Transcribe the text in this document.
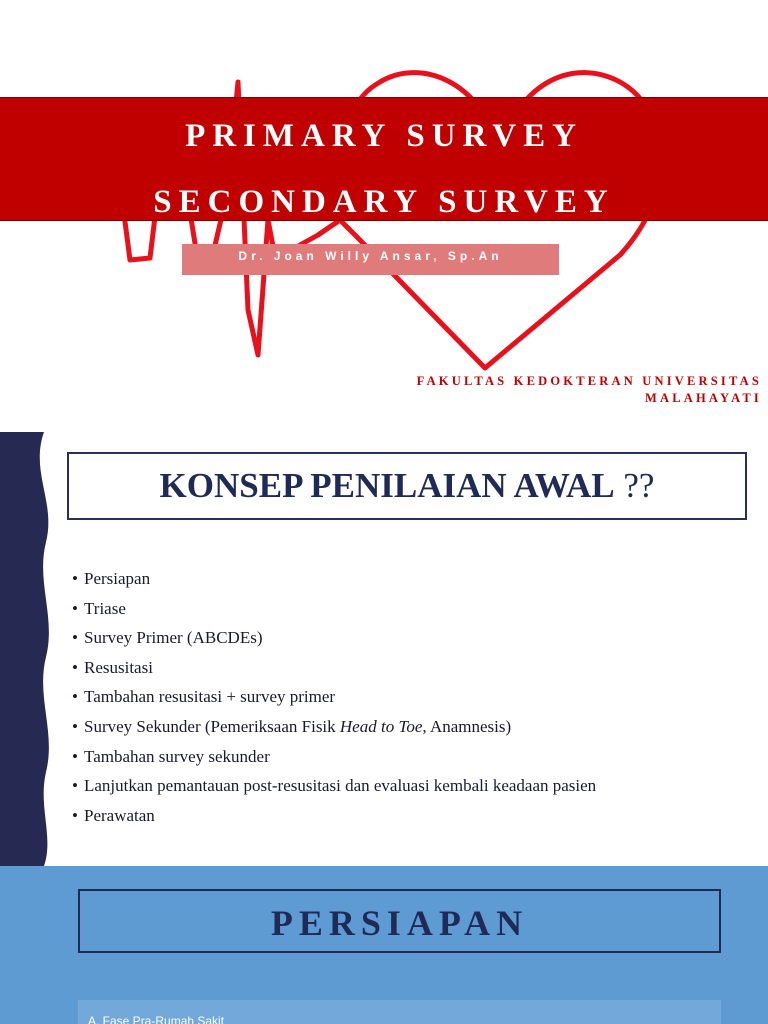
PRIMARY SURVEY
SECONDARY SURVEY
Dr. Joan Willy Ansar, Sp.An
FAKULTAS KEDOKTERAN UNIVERSITAS
MALAHAYATI
KONSEP PENILAIAN AWAL ??
• Persiapan
• Triase
• Survey Primer (ABCDEs)
• Resusitasi
• Tambahan resusitasi + survey primer
• Survey Sekunder (Pemeriksaan Fisik Head to Toe, Anamnesis)
• Tambahan survey sekunder
• Lanjutkan pemantauan post-resusitasi dan evaluasi kembali keadaan pasien
• Perawatan
PERSIAPAN
A. Fase Pra-Rumah Sakit
